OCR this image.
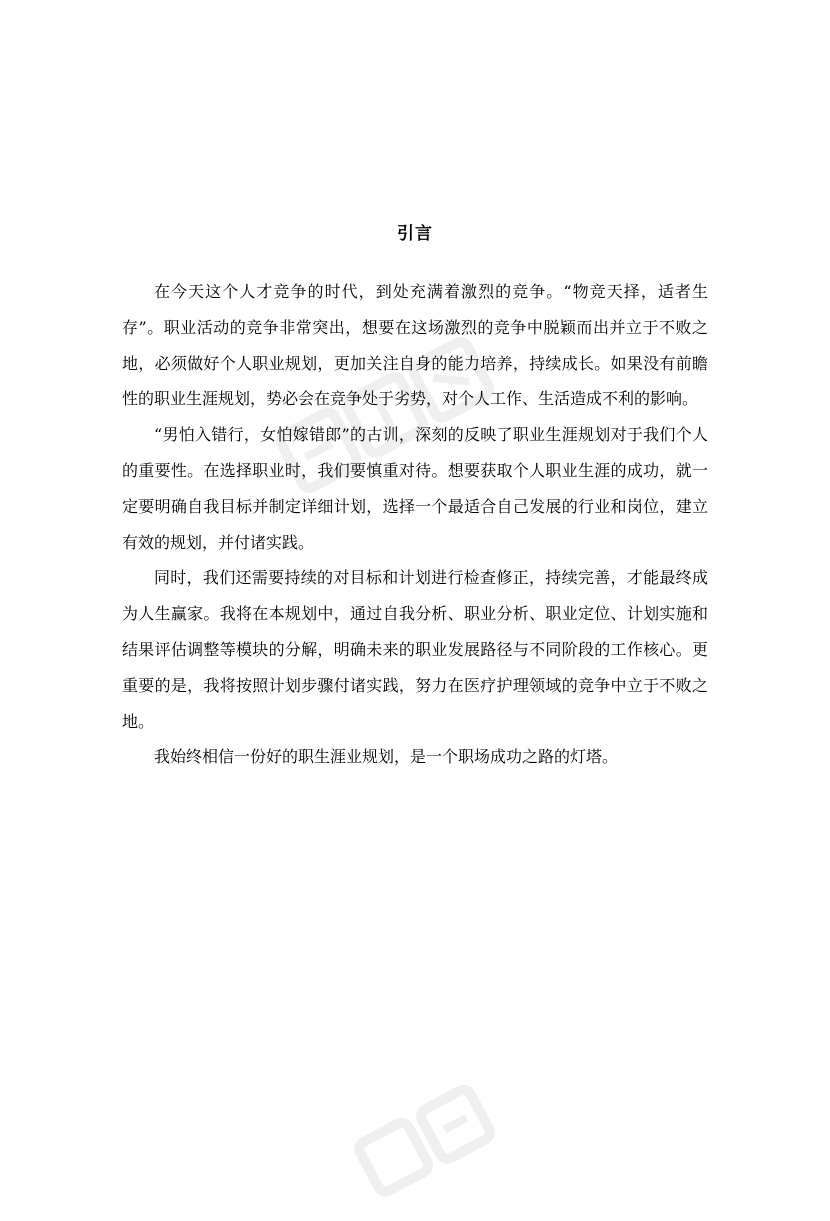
引言

在今天这个人才竞争的时代，到处充满着激烈的竞争。“物竞天择，适者生存”。职业活动的竞争非常突出，想要在这场激烈的竞争中脱颖而出并立于不败之地，必须做好个人职业规划，更加关注自身的能力培养，持续成长。如果没有前瞻性的职业生涯规划，势必会在竞争处于劣势，对个人工作、生活造成不利的影响。

“男怕入错行，女怕嫁错郎”的古训，深刻的反映了职业生涯规划对于我们个人的重要性。在选择职业时，我们要慎重对待。想要获取个人职业生涯的成功，就一定要明确自我目标并制定详细计划，选择一个最适合自己发展的行业和岗位，建立有效的规划，并付诸实践。

同时，我们还需要持续的对目标和计划进行检查修正，持续完善，才能最终成为人生赢家。我将在本规划中，通过自我分析、职业分析、职业定位、计划实施和结果评估调整等模块的分解，明确未来的职业发展路径与不同阶段的工作核心。更重要的是，我将按照计划步骤付诸实践，努力在医疗护理领域的竞争中立于不败之地。

我始终相信一份好的职生涯业规划，是一个职场成功之路的灯塔。
